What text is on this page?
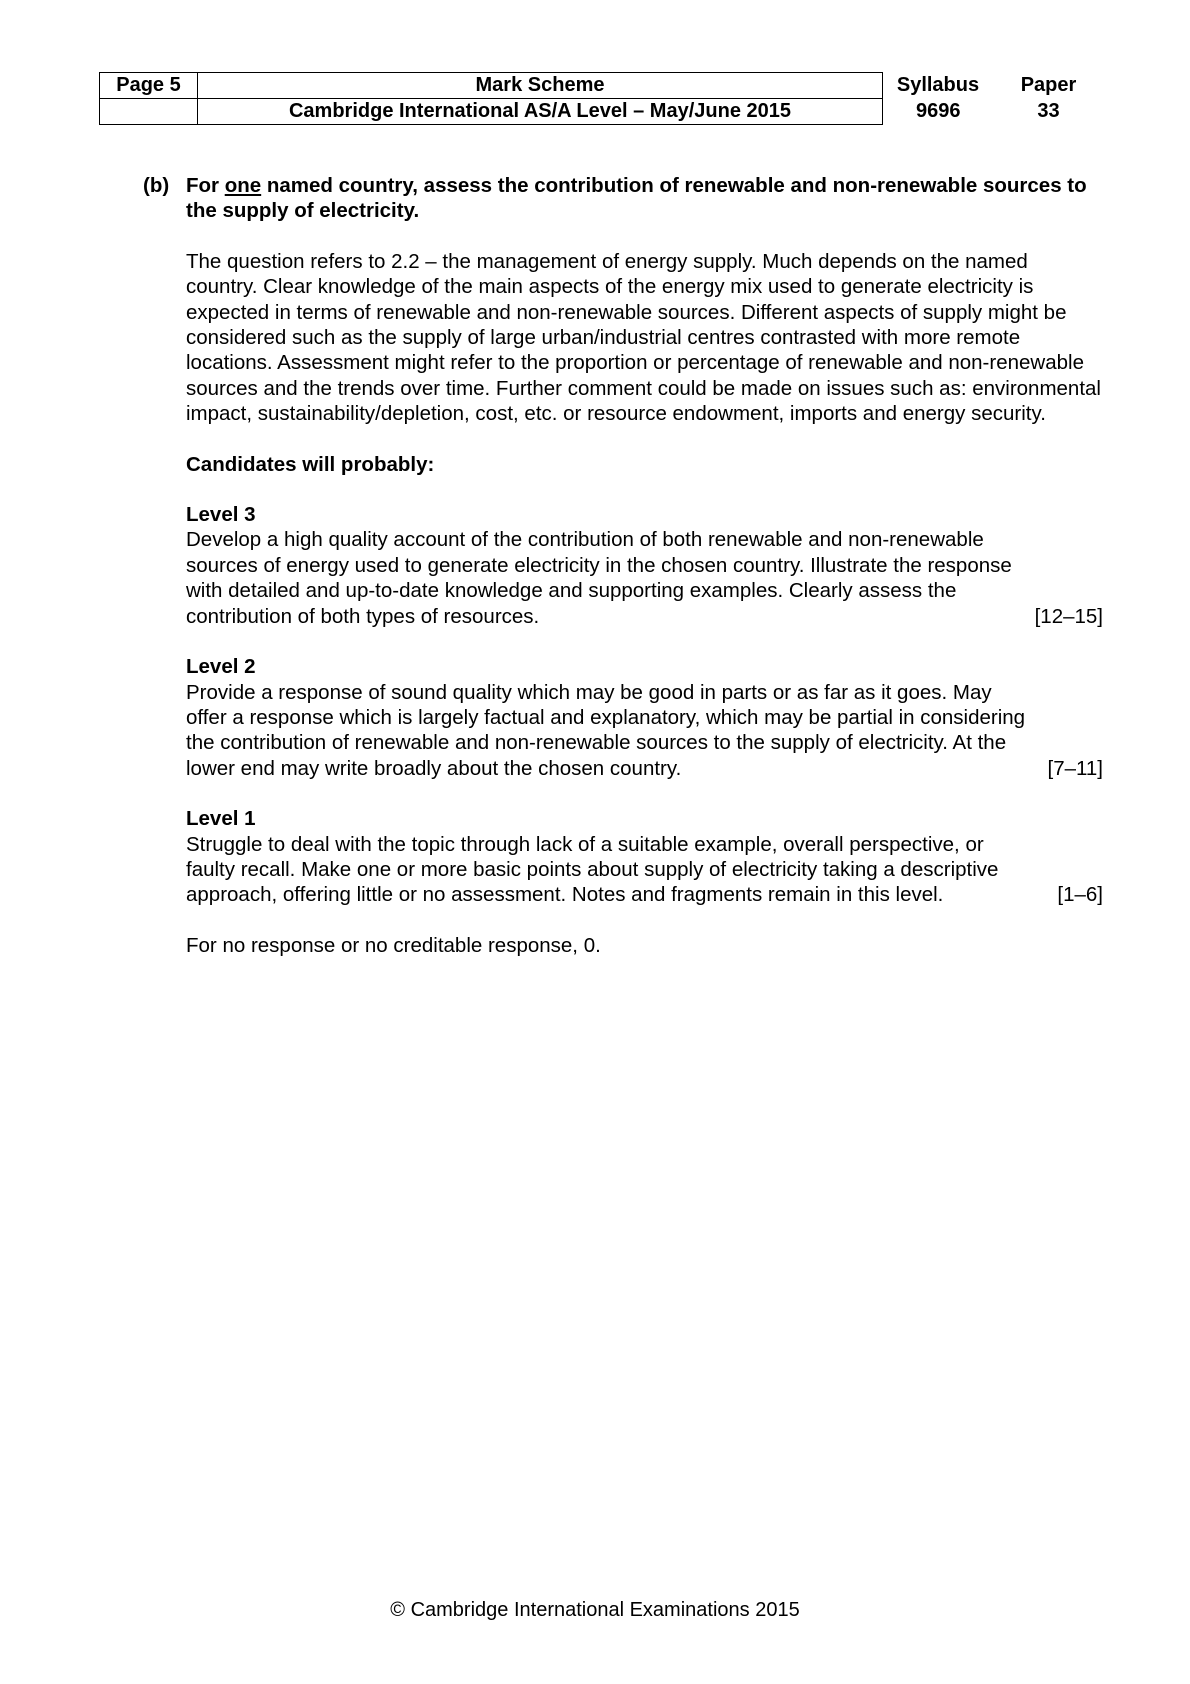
Page 5	Mark Scheme	Syllabus	Paper
	Cambridge International AS/A Level – May/June 2015	9696	33
(b) For one named country, assess the contribution of renewable and non-renewable sources to the supply of electricity.

The question refers to 2.2 – the management of energy supply. Much depends on the named country. Clear knowledge of the main aspects of the energy mix used to generate electricity is expected in terms of renewable and non-renewable sources. Different aspects of supply might be considered such as the supply of large urban/industrial centres contrasted with more remote locations. Assessment might refer to the proportion or percentage of renewable and non-renewable sources and the trends over time. Further comment could be made on issues such as: environmental impact, sustainability/depletion, cost, etc. or resource endowment, imports and energy security.

Candidates will probably:

Level 3
Develop a high quality account of the contribution of both renewable and non-renewable
sources of energy used to generate electricity in the chosen country. Illustrate the response
with detailed and up-to-date knowledge and supporting examples. Clearly assess the
contribution of both types of resources.	[12–15]
Level 2
Provide a response of sound quality which may be good in parts or as far as it goes. May
offer a response which is largely factual and explanatory, which may be partial in considering
the contribution of renewable and non-renewable sources to the supply of electricity. At the
lower end may write broadly about the chosen country.	[7–11]
Level 1
Struggle to deal with the topic through lack of a suitable example, overall perspective, or
faulty recall. Make one or more basic points about supply of electricity taking a descriptive
approach, offering little or no assessment. Notes and fragments remain in this level.	[1–6]

For no response or no creditable response, 0.

© Cambridge International Examinations 2015
